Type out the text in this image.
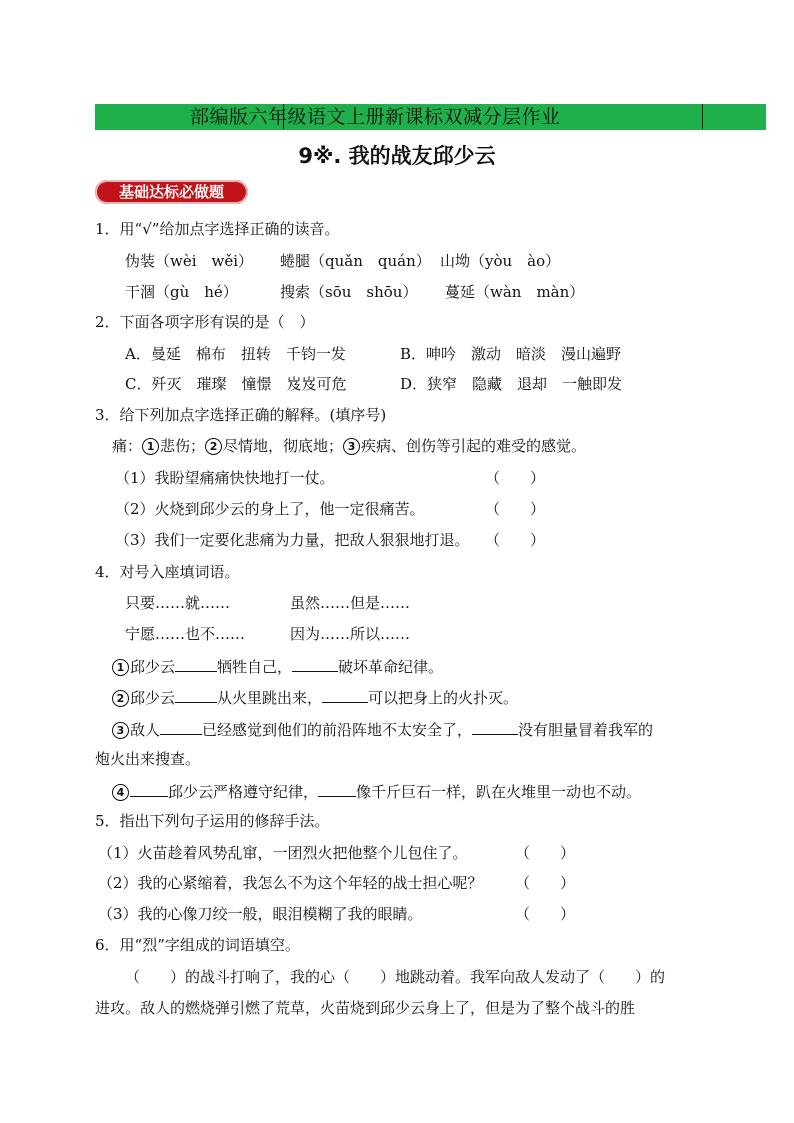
部编版六年级语文上册新课标双减分层作业
9※. 我的战友邱少云
基础达标必做题
1．用“√”给加点字选择正确的读音。
伪装（wèi　wěi） 蜷腿（quǎn　quán） 山坳（yòu　ào）
干涸（gù　hé）	搜索（sōu　shōu） 蔓延（wàn　màn）
2．下面各项字形有误的是（　）
A．曼延　棉布　扭转　千钧一发	B．呻吟　激动　暗淡　漫山遍野
C．歼灭　璀璨　憧憬　岌岌可危	D．狭窄　隐藏　退却　一触即发
3．给下列加点字选择正确的解释。(填序号)
痛： 1 悲伤； 2 尽情地，彻底地； 3 疾病、创伤等引起的难受的感觉。
（1）我盼望痛痛快快地打一仗。	（　　）
（2）火烧到邱少云的身上了，他一定很痛苦。	（　　）
（3）我们一定要化悲痛为力量，把敌人狠狠地打退。 （　　）
4．对号入座填词语。
只要……就……	虽然……但是……
宁愿……也不……	因为……所以……
1 邱少云	牺牲自己，	破坏革命纪律。
2 邱少云	从火里跳出来，	可以把身上的火扑灭。
3 敌人	已经感觉到他们的前沿阵地不太安全了，	没有胆量冒着我军的
炮火出来搜查。
4	邱少云严格遵守纪律，	像千斤巨石一样，趴在火堆里一动也不动。
5．指出下列句子运用的修辞手法。
（1）火苗趁着风势乱窜，一团烈火把他整个儿包住了。	（　　）
（2）我的心紧缩着，我怎么不为这个年轻的战士担心呢？ （　　）
（3）我的心像刀绞一般，眼泪模糊了我的眼睛。	（　　）
6．用“烈”字组成的词语填空。
（　　）的战斗打响了，我的心（　　）地跳动着。我军向敌人发动了（　　）的
进攻。敌人的燃烧弹引燃了荒草，火苗烧到邱少云身上了，但是为了整个战斗的胜
